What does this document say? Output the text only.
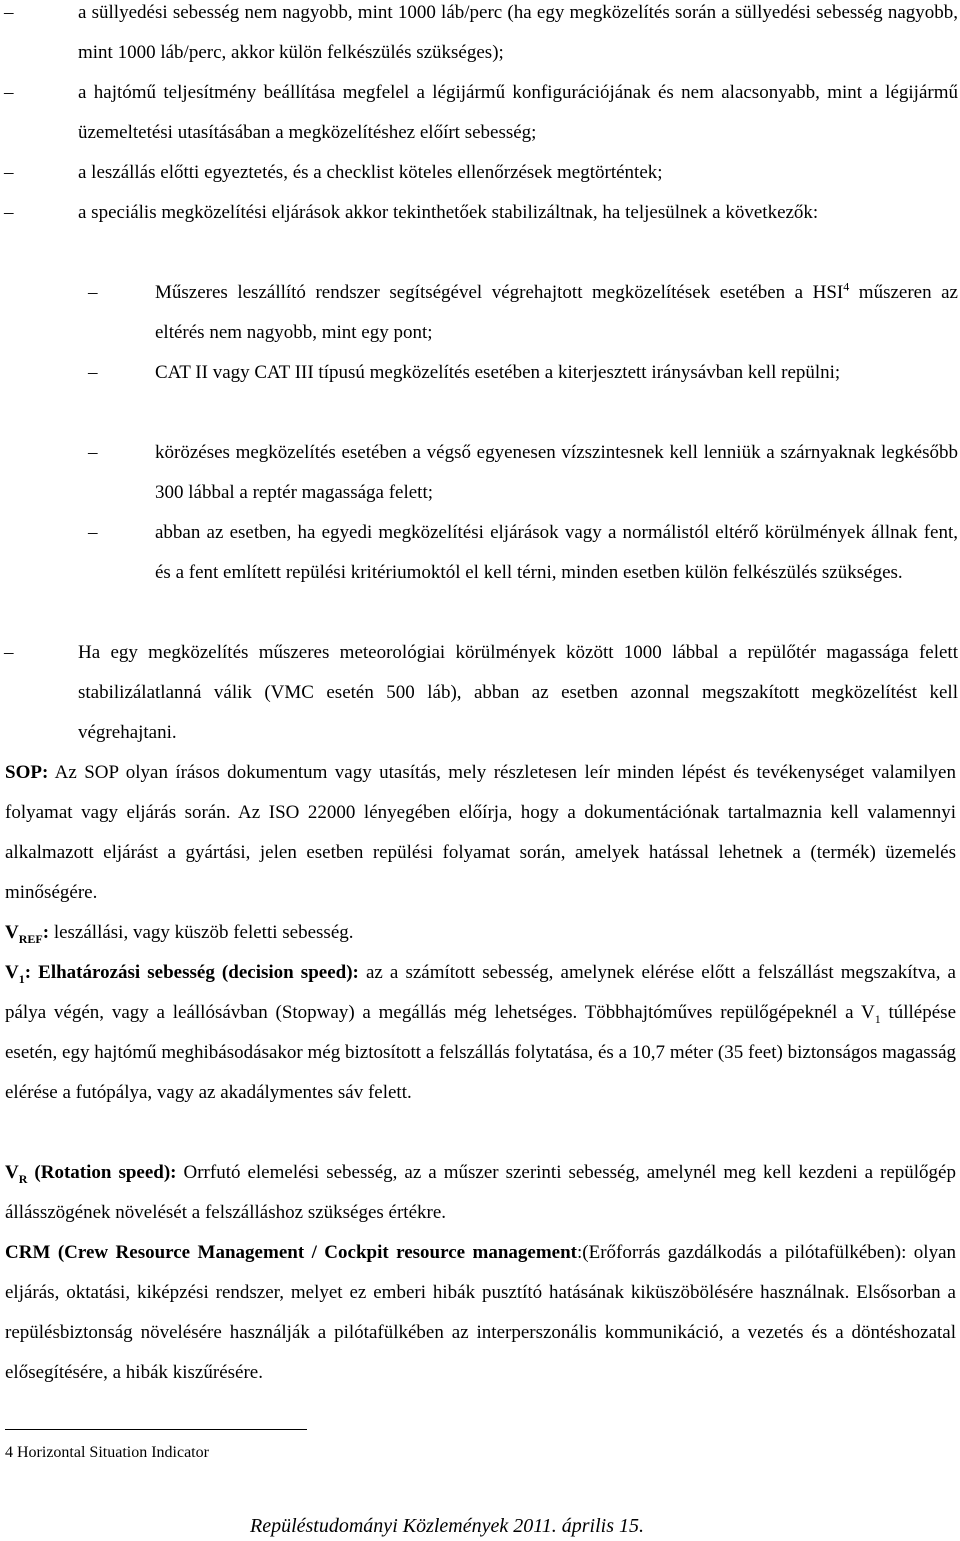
–	a süllyedési sebesség nem nagyobb, mint 1000 láb/perc (ha egy megközelítés során a süllyedési sebesség nagyobb, mint 1000 láb/perc, akkor külön felkészülés szükséges);
–	a hajtómű teljesítmény beállítása megfelel a légijármű konfigurációjának és nem alacsonyabb, mint a légijármű üzemeltetési utasításában a megközelítéshez előírt sebesség;
–	a leszállás előtti egyeztetés, és a checklist köteles ellenőrzések megtörténtek;
–	a speciális megközelítési eljárások akkor tekinthetőek stabilizáltnak, ha teljesülnek a következők:
–	Műszeres leszállító rendszer segítségével végrehajtott megközelítések esetében a HSI$^4$ műszeren az eltérés nem nagyobb, mint egy pont;
–	CAT II vagy CAT III típusú megközelítés esetében a kiterjesztett iránysávban kell repülni;
–	körözéses megközelítés esetében a végső egyenesen vízszintesnek kell lenniük a szárnyaknak legkésőbb 300 lábbal a reptér magassága felett;
–	abban az esetben, ha egyedi megközelítési eljárások vagy a normálistól eltérő körülmények állnak fent, és a fent említett repülési kritériumoktól el kell térni, minden esetben külön felkészülés szükséges.
–	Ha egy megközelítés műszeres meteorológiai körülmények között 1000 lábbal a repülőtér magassága felett stabilizálatlanná válik (VMC esetén 500 láb), abban az esetben azonnal megszakított megközelítést kell végrehajtani.
SOP: Az SOP olyan írásos dokumentum vagy utasítás, mely részletesen leír minden lépést és tevékenységet valamilyen folyamat vagy eljárás során. Az ISO 22000 lényegében előírja, hogy a dokumentációnak tartalmaznia kell valamennyi alkalmazott eljárást a gyártási, jelen esetben repülési folyamat során, amelyek hatással lehetnek a (termék) üzemelés minőségére.
$V_{REF}$: leszállási, vagy küszöb feletti sebesség.
$V_1$: Elhatározási sebesség (decision speed): az a számított sebesség, amelynek elérése előtt a felszállást megszakítva, a pálya végén, vagy a leállósávban (Stopway) a megállás még lehetséges. Többhajtóműves repülőgépeknél a $V_1$ túllépése esetén, egy hajtómű meghibásodásakor még biztosított a felszállás folytatása, és a 10,7 méter (35 feet) biztonságos magasság elérése a futópálya, vagy az akadálymentes sáv felett.
$V_R$ (Rotation speed): Orrfutó elemelési sebesség, az a műszer szerinti sebesség, amelynél meg kell kezdeni a repülőgép állásszögének növelését a felszálláshoz szükséges értékre.
CRM (Crew Resource Management / Cockpit resource management:(Erőforrás gazdálkodás a pilótafülkében): olyan eljárás, oktatási, kiképzési rendszer, melyet ez emberi hibák pusztító hatásának kiküszöbölésére használnak. Elsősorban a repülésbiztonság növelésére használják a pilótafülkében az interperszonális kommunikáció, a vezetés és a döntéshozatal elősegítésére, a hibák kiszűrésére.
4 Horizontal Situation Indicator
Repüléstudományi Közlemények 2011. április 15.
